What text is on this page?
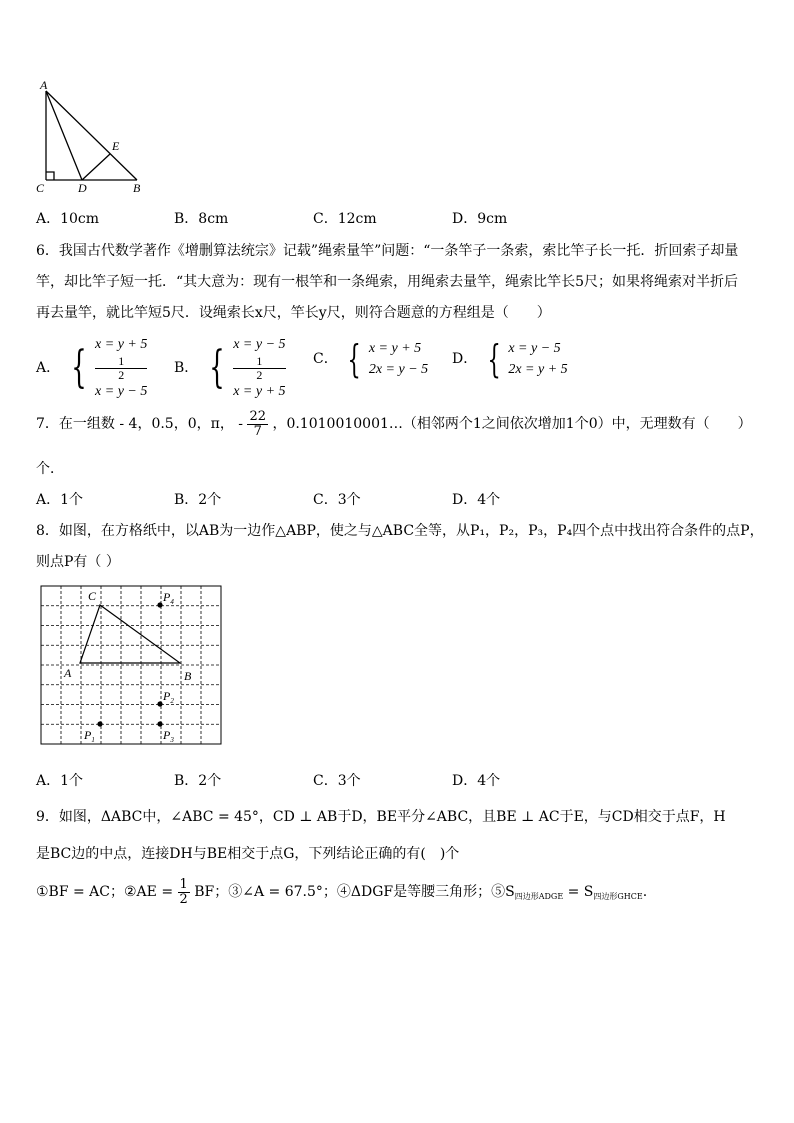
A
E
C	D	B
A．10cm	B．8cm	C．12cm	D．9cm
6．我国古代数学著作《增删算法统宗》记载”绳索量竿”问题：“一条竿子一条索，索比竿子长一托．折回索子却量
竿，却比竿子短一托．“其大意为：现有一根竿和一条绳索，用绳索去量竿，绳索比竿长5尺；如果将绳索对半折后
再去量竿，就比竿短5尺．设绳索长x尺，竿长y尺，则符合题意的方程组是（　　）
A． { x = y + 5
1
2
x = y − 5
B． { x = y − 5
1
2
x = y + 5
C． { x = y + 5
2x = y − 5
D． { x = y − 5
2x = y + 5
7．在一组数 - 4，0.5，0，π， - $\frac{22}{7}$ ，0.1010010001…（相邻两个1之间依次增加1个0）中，无理数有（　　）
个．
A．1个	B．2个	C．3个	D．4个
8．如图，在方格纸中，以AB为一边作△ABP，使之与△ABC全等，从P₁，P₂，P₃，P₄四个点中找出符合条件的点P，
则点P有（ ）
C
A	B
$P_4$
$P_2$
$P_1$	$P_3$
A．1个	B．2个	C．3个	D．4个
9．如图，ΔABC中，∠ABC = 45°，CD ⊥ AB于D，BE平分∠ABC，且BE ⊥ AC于E，与CD相交于点F，H
是BC边的中点，连接DH与BE相交于点G，下列结论正确的有(　)个
①BF = AC；②AE = $\frac{1}{2}$ BF；③∠A = 67.5°；④ΔDGF是等腰三角形；$⑤S_{四边形ADGE} = S_{四边形GHCE}$.
